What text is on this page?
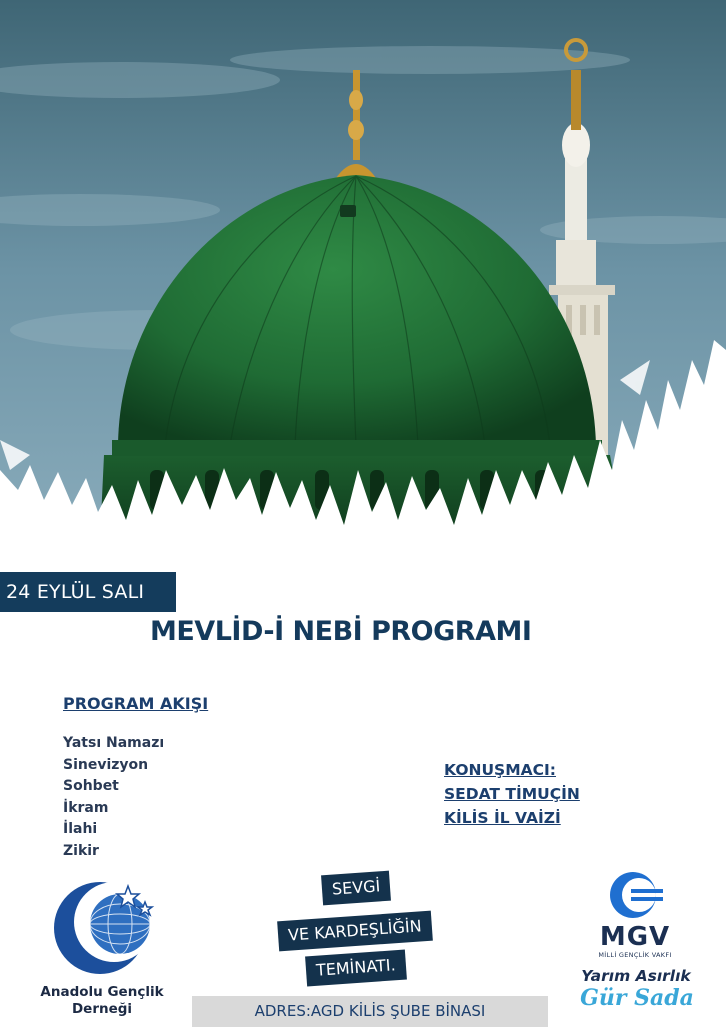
24 EYLÜL SALI
MEVLİD-İ NEBİ PROGRAMI
PROGRAM AKIŞI
Yatsı Namazı
Sinevizyon
Sohbet
İkram
İlahi
Zikir
KONUŞMACI:
SEDAT TİMUÇİN
KİLİS İL VAİZİ
SEVGİ
VE KARDEŞLİĞİN
TEMİNATI.
Anadolu Gençlik
Derneği	ADRES:AGD KİLİS ŞUBE BİNASI
MGV
MİLLİ GENÇLİK VAKFI
Yarım Asırlık
Gür Sada
